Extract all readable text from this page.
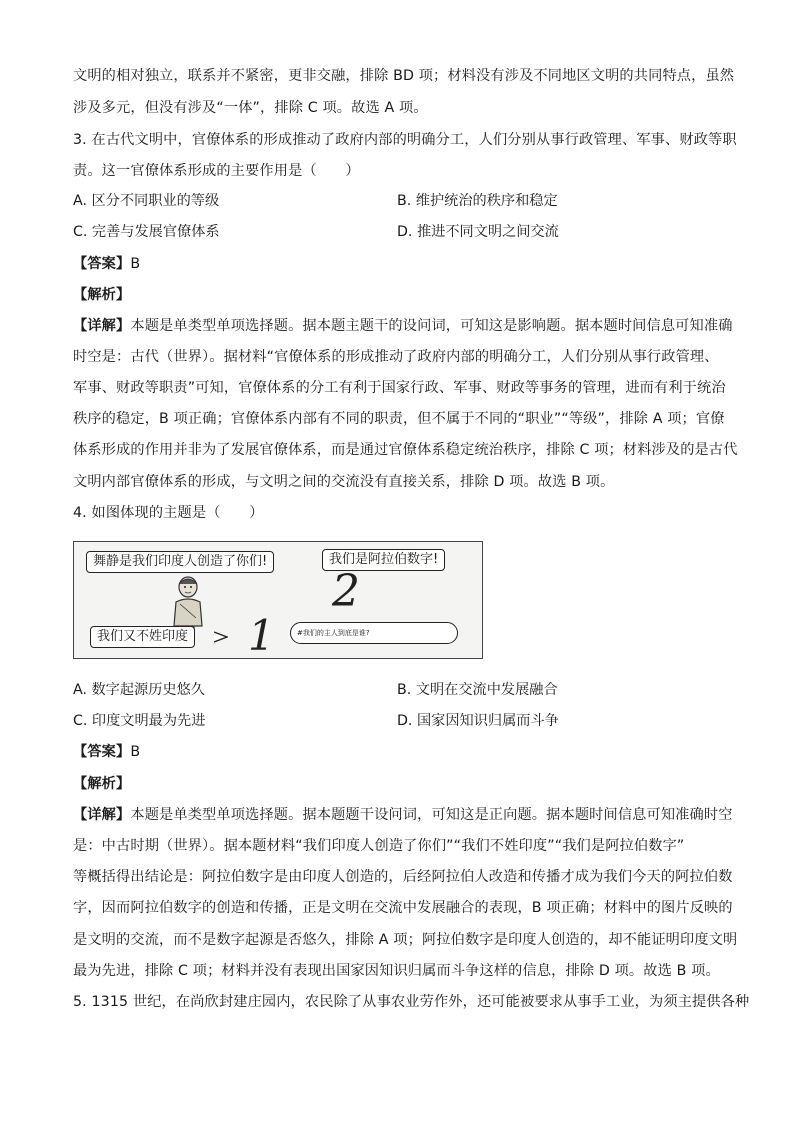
文明的相对独立，联系并不紧密，更非交融，排除 BD 项；材料没有涉及不同地区文明的共同特点，虽然
涉及多元，但没有涉及“一体”，排除 C 项。故选 A 项。
3. 在古代文明中，官僚体系的形成推动了政府内部的明确分工，人们分别从事行政管理、军事、财政等职
责。这一官僚体系形成的主要作用是（　　）
A. 区分不同职业的等级	B. 维护统治的秩序和稳定
C. 完善与发展官僚体系	D. 推进不同文明之间交流
【答案】B
【解析】
【详解】本题是单类型单项选择题。据本题主题干的设问词，可知这是影响题。据本题时间信息可知准确
时空是：古代（世界）。据材料“官僚体系的形成推动了政府内部的明确分工，人们分别从事行政管理、
军事、财政等职责”可知，官僚体系的分工有利于国家行政、军事、财政等事务的管理，进而有利于统治
秩序的稳定，B 项正确；官僚体系内部有不同的职责，但不属于不同的“职业”“等级”，排除 A 项；官僚
体系形成的作用并非为了发展官僚体系，而是通过官僚体系稳定统治秩序，排除 C 项；材料涉及的是古代
文明内部官僚体系的形成，与文明之间的交流没有直接关系，排除 D 项。故选 B 项。
4. 如图体现的主题是（　　）
舞静是我们印度人创造了你们!	我们是阿拉伯数字!
2
我们又不姓印度 1	#我们的主人到底是谁?
A. 数字起源历史悠久	B. 文明在交流中发展融合
C. 印度文明最为先进	D. 国家因知识归属而斗争
【答案】B
【解析】
【详解】本题是单类型单项选择题。据本题题干设问词，可知这是正向题。据本题时间信息可知准确时空
是：中古时期（世界）。据本题材料“我们印度人创造了你们”“我们不姓印度”“我们是阿拉伯数字”
等概括得出结论是：阿拉伯数字是由印度人创造的，后经阿拉伯人改造和传播才成为我们今天的阿拉伯数
字，因而阿拉伯数字的创造和传播，正是文明在交流中发展融合的表现，B 项正确；材料中的图片反映的
是文明的交流，而不是数字起源是否悠久，排除 A 项；阿拉伯数字是印度人创造的，却不能证明印度文明
最为先进，排除 C 项；材料并没有表现出国家因知识归属而斗争这样的信息，排除 D 项。故选 B 项。
5. 1315 世纪，在尚欣封建庄园内，农民除了从事农业劳作外，还可能被要求从事手工业，为须主提供各种
